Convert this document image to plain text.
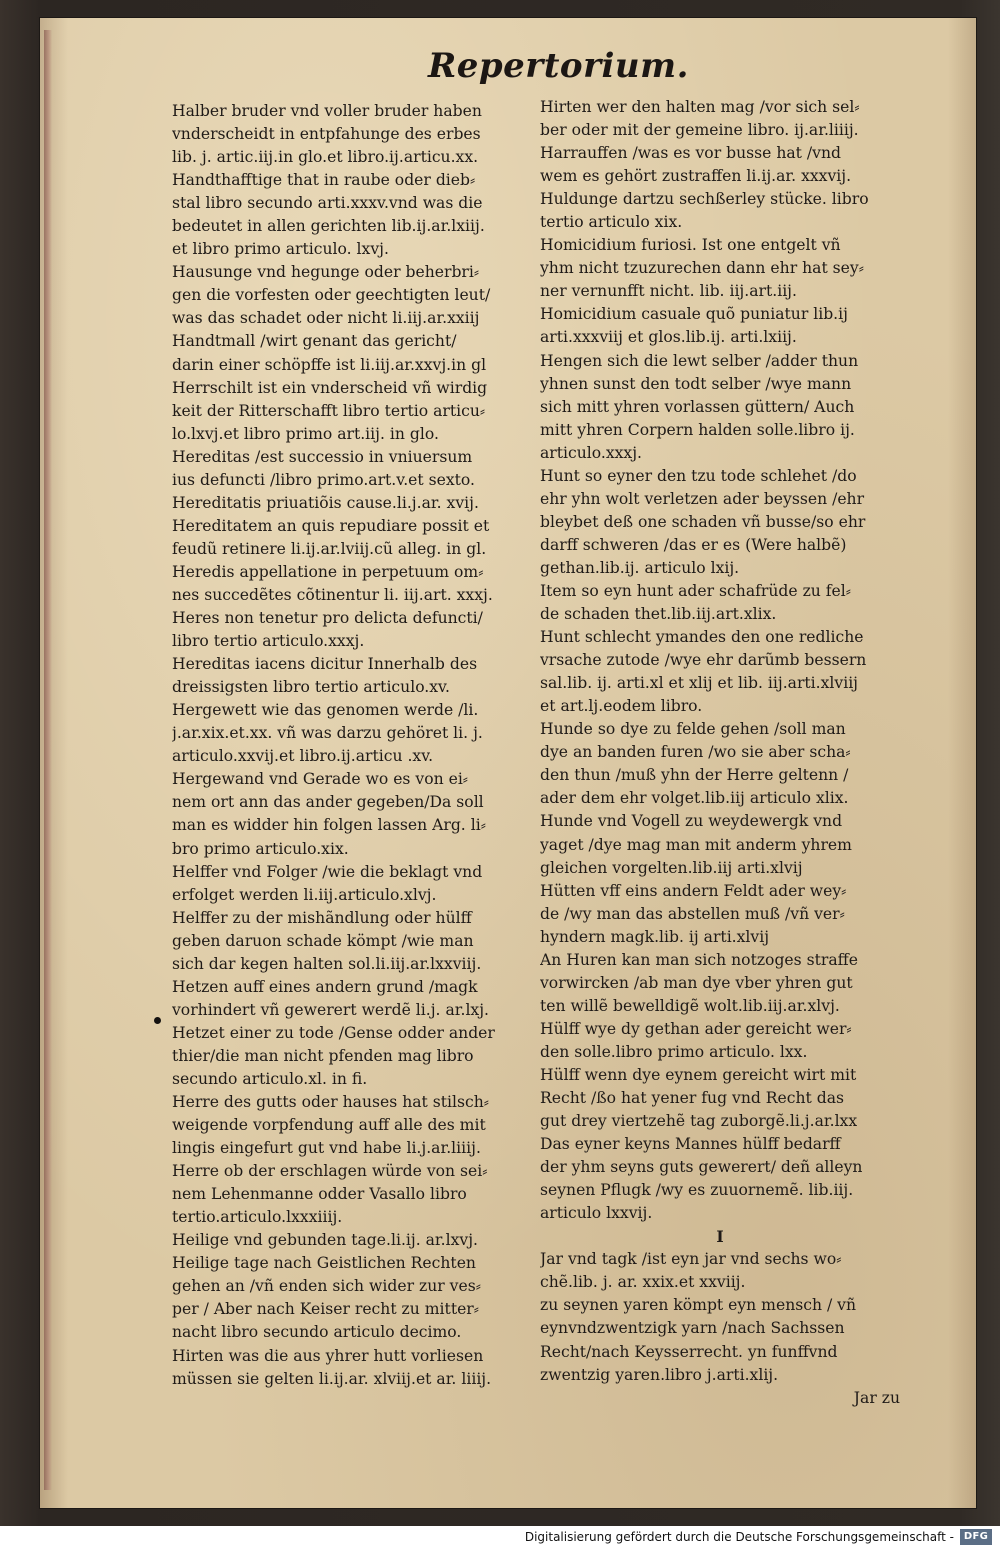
Repertorium.
Halber bruder vnd voller bruder haben
vnderscheidt in entpfahunge des erbes
lib. j. artic.iij.in glo.et libro.ij.articu.xx.
Handthafftige that in raube oder dieb⸗
stal libro secundo arti.xxxv.vnd was die
bedeutet in allen gerichten lib.ij.ar.lxiij.
et libro primo articulo. lxvj.
Hausunge vnd hegunge oder beherbri⸗
gen die vorfesten oder geechtigten leut/
was das schadet oder nicht li.iij.ar.xxiij
Handtmall /wirt genant das gericht/
darin einer schöpffe ist li.iij.ar.xxvj.in gl
Herrschilt ist ein vnderscheid vñ wirdig
keit der Ritterschafft libro tertio articu⸗
lo.lxvj.et libro primo art.iij. in glo.
Hereditas /est successio in vniuersum
ius defuncti /libro primo.art.v.et sexto.
Hereditatis priuatiõis cause.li.j.ar. xvij.
Hereditatem an quis repudiare possit et
feudũ retinere li.ij.ar.lviij.cũ alleg. in gl.
Heredis appellatione in perpetuum om⸗
nes succedẽtes cõtinentur li. iij.art. xxxj.
Heres non tenetur pro delicta defuncti/
libro tertio articulo.xxxj.
Hereditas iacens dicitur Innerhalb des
dreissigsten libro tertio articulo.xv.
Hergewett wie das genomen werde /li.
j.ar.xix.et.xx. vñ was darzu gehöret li. j.
articulo.xxvij.et libro.ij.articu .xv.
Hergewand vnd Gerade wo es von ei⸗
nem ort ann das ander gegeben/Da soll
man es widder hin folgen lassen Arg. li⸗
bro primo articulo.xix.
Helffer vnd Folger /wie die beklagt vnd
erfolget werden li.iij.articulo.xlvj.
Helffer zu der mishãndlung oder hülff
geben daruon schade kömpt /wie man
sich dar kegen halten sol.li.iij.ar.lxxviij.
Hetzen auff eines andern grund /magk
vorhindert vñ gewerert werdẽ li.j. ar.lxj.
Hetzet einer zu tode /Gense odder ander
thier/die man nicht pfenden mag libro
secundo articulo.xl. in fi.
Herre des gutts oder hauses hat stilsch⸗
weigende vorpfendung auff alle des mit
lingis eingefurt gut vnd habe li.j.ar.liiij.
Herre ob der erschlagen würde von sei⸗
nem Lehenmanne odder Vasallo libro
tertio.articulo.lxxxiiij.
Heilige vnd gebunden tage.li.ij. ar.lxvj.
Heilige tage nach Geistlichen Rechten
gehen an /vñ enden sich wider zur ves⸗
per / Aber nach Keiser recht zu mitter⸗
nacht libro secundo articulo decimo.
Hirten was die aus yhrer hutt vorliesen
müssen sie gelten li.ij.ar. xlviij.et ar. liiij.
Hirten wer den halten mag /vor sich sel⸗
ber oder mit der gemeine libro. ij.ar.liiij.
Harrauffen /was es vor busse hat /vnd
wem es gehört zustraffen li.ij.ar. xxxvij.
Huldunge dartzu sechßerley stücke. libro
tertio articulo xix.
Homicidium furiosi. Ist one entgelt vñ
yhm nicht tzuzurechen dann ehr hat sey⸗
ner vernunfft nicht. lib. iij.art.iij.
Homicidium casuale quõ puniatur lib.ij
arti.xxxviij et glos.lib.ij. arti.lxiij.
Hengen sich die lewt selber /adder thun
yhnen sunst den todt selber /wye mann
sich mitt yhren vorlassen güttern/ Auch
mitt yhren Corpern halden solle.libro ij.
articulo.xxxj.
Hunt so eyner den tzu tode schlehet /do
ehr yhn wolt verletzen ader beyssen /ehr
bleybet deß one schaden vñ busse/so ehr
darff schweren /das er es (Were halbẽ)
gethan.lib.ij. articulo lxij.
Item so eyn hunt ader schafrüde zu fel⸗
de schaden thet.lib.iij.art.xlix.
Hunt schlecht ymandes den one redliche
vrsache zutode /wye ehr darũmb bessern
sal.lib. ij. arti.xl et xlij et lib. iij.arti.xlviij
et art.lj.eodem libro.
Hunde so dye zu felde gehen /soll man
dye an banden furen /wo sie aber scha⸗
den thun /muß yhn der Herre geltenn /
ader dem ehr volget.lib.iij articulo xlix.
Hunde vnd Vogell zu weydewergk vnd
yaget /dye mag man mit anderm yhrem
gleichen vorgelten.lib.iij arti.xlvij
Hütten vff eins andern Feldt ader wey⸗
de /wy man das abstellen muß /vñ ver⸗
hyndern magk.lib. ij arti.xlvij
An Huren kan man sich notzoges straffe
vorwircken /ab man dye vber yhren gut
ten willẽ bewelldigẽ wolt.lib.iij.ar.xlvj.
Hülff wye dy gethan ader gereicht wer⸗
den solle.libro primo articulo. lxx.
Hülff wenn dye eynem gereicht wirt mit
Recht /ßo hat yener fug vnd Recht das
gut drey viertzehẽ tag zuborgẽ.li.j.ar.lxx
Das eyner keyns Mannes hülff bedarff
der yhm seyns guts gewerert/ deñ alleyn
seynen Pflugk /wy es zuuornemẽ. lib.iij.
articulo lxxvij.
I
Jar vnd tagk /ist eyn jar vnd sechs wo⸗
chẽ.lib. j. ar. xxix.et xxviij.
zu seynen yaren kömpt eyn mensch / vñ
eynvndzwentzigk yarn /nach Sachssen
Recht/nach Keysserrecht. yn funffvnd
zwentzig yaren.libro j.arti.xlij.
Jar zu
Digitalisierung gefördert durch die Deutsche Forschungsgemeinschaft - DFG
